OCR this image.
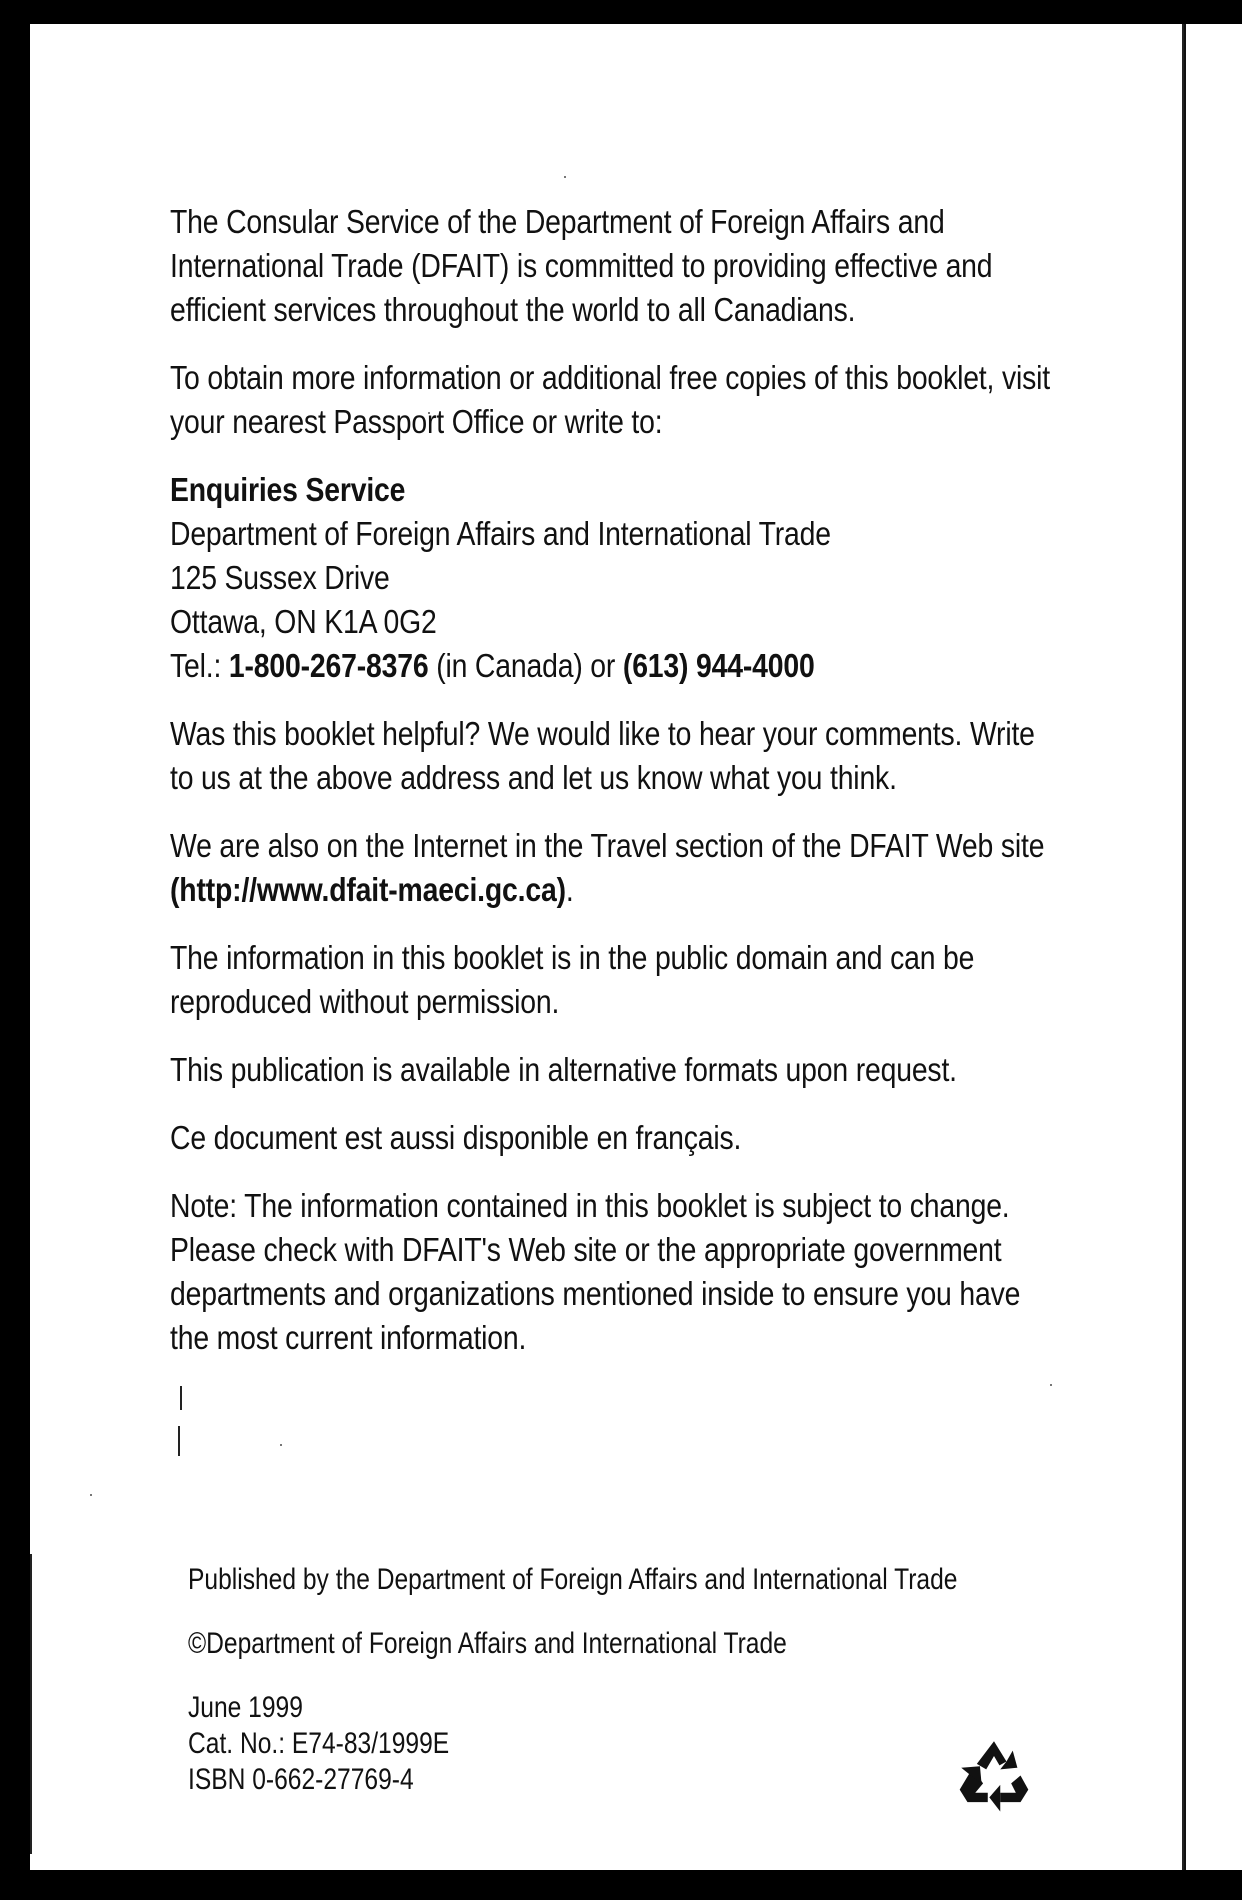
The Consular Service of the Department of Foreign Affairs and International Trade (DFAIT) is committed to providing effective and efficient services throughout the world to all Canadians.

To obtain more information or additional free copies of this booklet, visit your nearest Passport Office or write to:

Enquiries Service
Department of Foreign Affairs and International Trade
125 Sussex Drive
Ottawa, ON K1A 0G2
Tel.: 1-800-267-8376 (in Canada) or (613) 944-4000

Was this booklet helpful? We would like to hear your comments. Write to us at the above address and let us know what you think.

We are also on the Internet in the Travel section of the DFAIT Web site (http://www.dfait-maeci.gc.ca).

The information in this booklet is in the public domain and can be reproduced without permission.

This publication is available in alternative formats upon request.

Ce document est aussi disponible en français.

Note: The information contained in this booklet is subject to change. Please check with DFAIT's Web site or the appropriate government departments and organizations mentioned inside to ensure you have the most current information.

Published by the Department of Foreign Affairs and International Trade
©Department of Foreign Affairs and International Trade
June 1999
Cat. No.: E74-83/1999E
ISBN 0-662-27769-4
